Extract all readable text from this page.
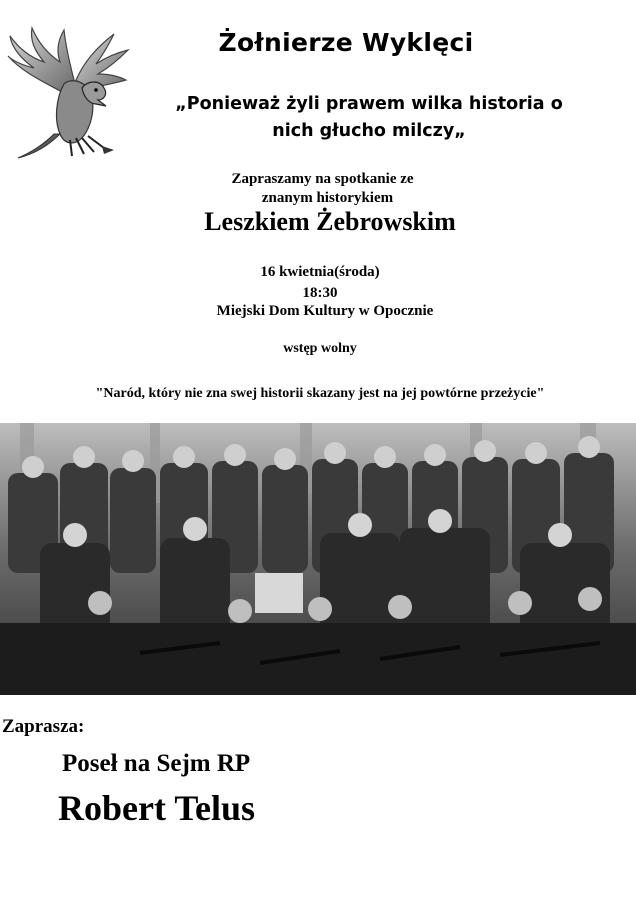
Żołnierze Wyklęci
„Ponieważ żyli prawem wilka historia o
nich głucho milczy„
Zapraszamy na spotkanie ze
znanym historykiem
Leszkiem Żebrowskim
16 kwietnia(środa)
18:30
Miejski Dom Kultury w Opocznie
wstęp wolny
"Naród, który nie zna swej historii skazany jest na jej powtórne przeżycie"
Zaprasza:
Poseł na Sejm RP
Robert Telus
